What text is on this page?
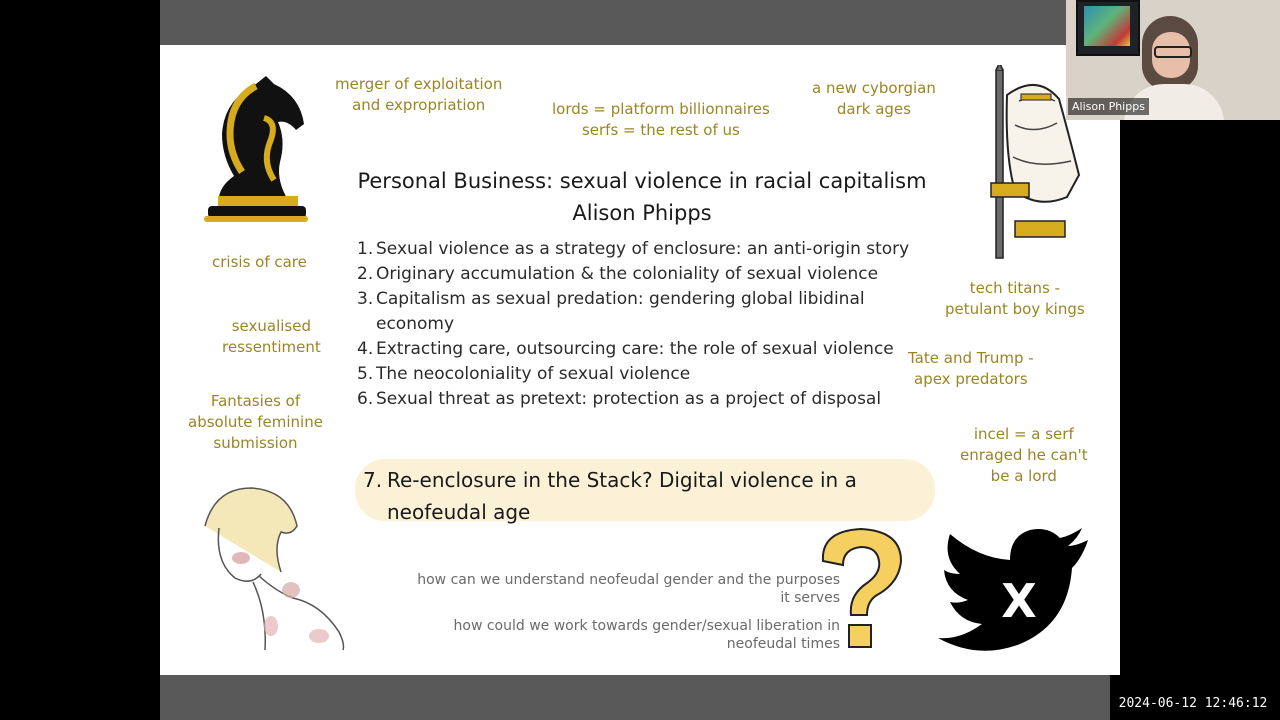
merger of exploitation
and expropriation	lords = platform billionnaires
serfs = the rest of us
a new cyborgian
dark ages
crisis of care
sexualised
ressentiment
Fantasies of
absolute feminine
submission
tech titans -
petulant boy kings
Tate and Trump -
apex predators
incel = a serf
enraged he can't
be a lord
Personal Business: sexual violence in racial capitalism
Alison Phipps
1. Sexual violence as a strategy of enclosure: an anti-origin story
2. Originary accumulation & the coloniality of sexual violence
3. Capitalism as sexual predation: gendering global libidinal economy
4. Extracting care, outsourcing care: the role of sexual violence
5. The neocoloniality of sexual violence
6. Sexual threat as pretext: protection as a project of disposal
7. Re-enclosure in the Stack? Digital violence in a neofeudal age
how can we understand neofeudal gender and the purposes
it serves
how could we work towards gender/sexual liberation in
neofeudal times
X
Alison Phipps
2024-06-12 12:46:12
